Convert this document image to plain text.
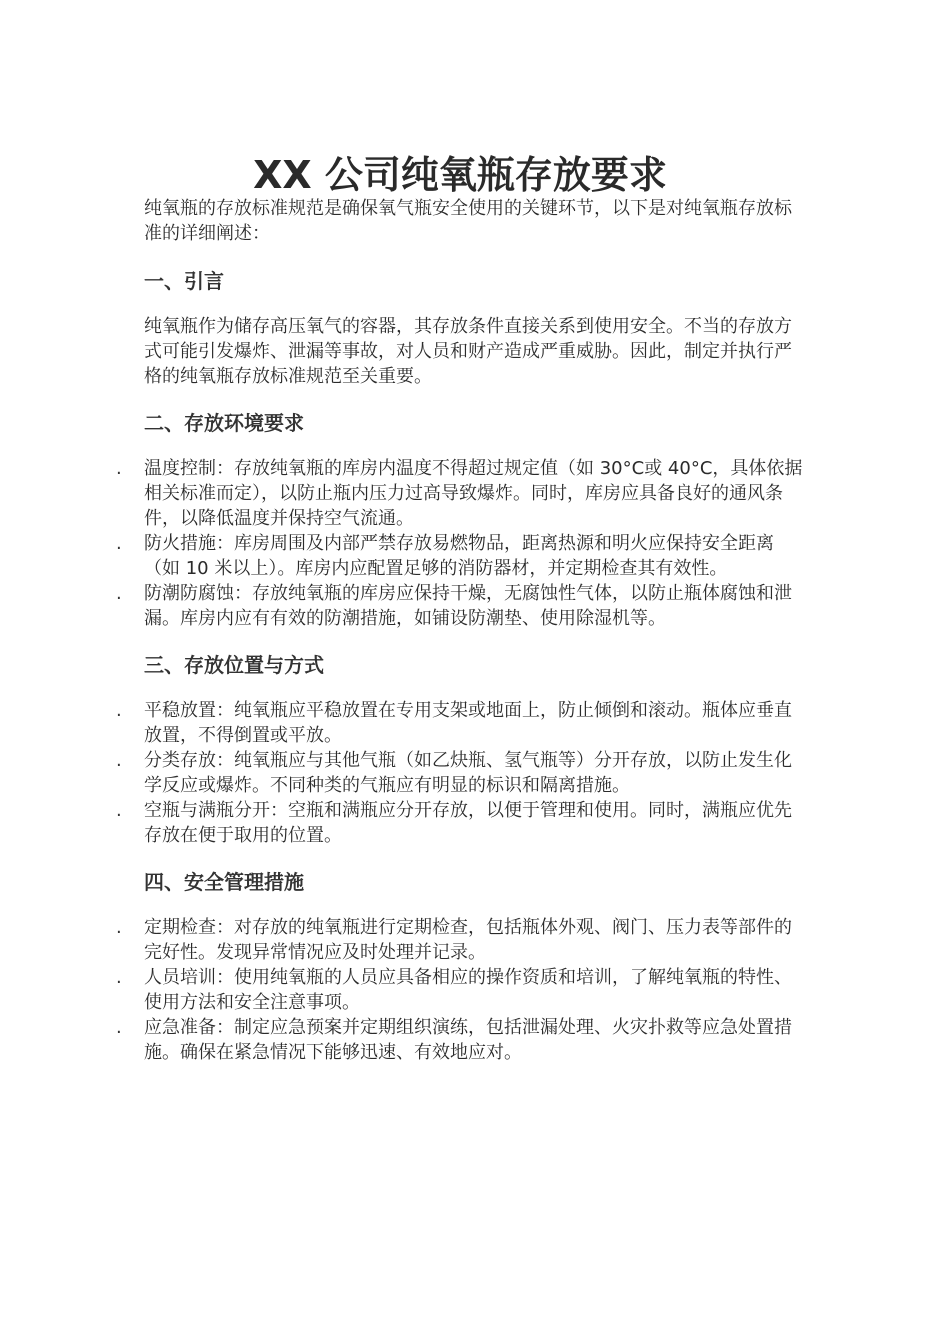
XX 公司纯氧瓶存放要求

纯氧瓶的存放标准规范是确保氧气瓶安全使用的关键环节，以下是对纯氧瓶存放标准的详细阐述：

一、引言

纯氧瓶作为储存高压氧气的容器，其存放条件直接关系到使用安全。不当的存放方式可能引发爆炸、泄漏等事故，对人员和财产造成严重威胁。因此，制定并执行严格的纯氧瓶存放标准规范至关重要。

二、存放环境要求
. 温度控制：存放纯氧瓶的库房内温度不得超过规定值（如 30°C或 40°C，具体依据相关标准而定），以防止瓶内压力过高导致爆炸。同时，库房应具备良好的通风条件，以降低温度并保持空气流通。
. 防火措施：库房周围及内部严禁存放易燃物品，距离热源和明火应保持安全距离（如 10 米以上）。库房内应配置足够的消防器材，并定期检查其有效性。
. 防潮防腐蚀：存放纯氧瓶的库房应保持干燥，无腐蚀性气体，以防止瓶体腐蚀和泄漏。库房内应有有效的防潮措施，如铺设防潮垫、使用除湿机等。
三、存放位置与方式
. 平稳放置：纯氧瓶应平稳放置在专用支架或地面上，防止倾倒和滚动。瓶体应垂直放置，不得倒置或平放。
. 分类存放：纯氧瓶应与其他气瓶（如乙炔瓶、氢气瓶等）分开存放，以防止发生化学反应或爆炸。不同种类的气瓶应有明显的标识和隔离措施。
. 空瓶与满瓶分开：空瓶和满瓶应分开存放，以便于管理和使用。同时，满瓶应优先存放在便于取用的位置。
四、安全管理措施
. 定期检查：对存放的纯氧瓶进行定期检查，包括瓶体外观、阀门、压力表等部件的完好性。发现异常情况应及时处理并记录。
. 人员培训：使用纯氧瓶的人员应具备相应的操作资质和培训，了解纯氧瓶的特性、使用方法和安全注意事项。
. 应急准备：制定应急预案并定期组织演练，包括泄漏处理、火灾扑救等应急处置措施。确保在紧急情况下能够迅速、有效地应对。
